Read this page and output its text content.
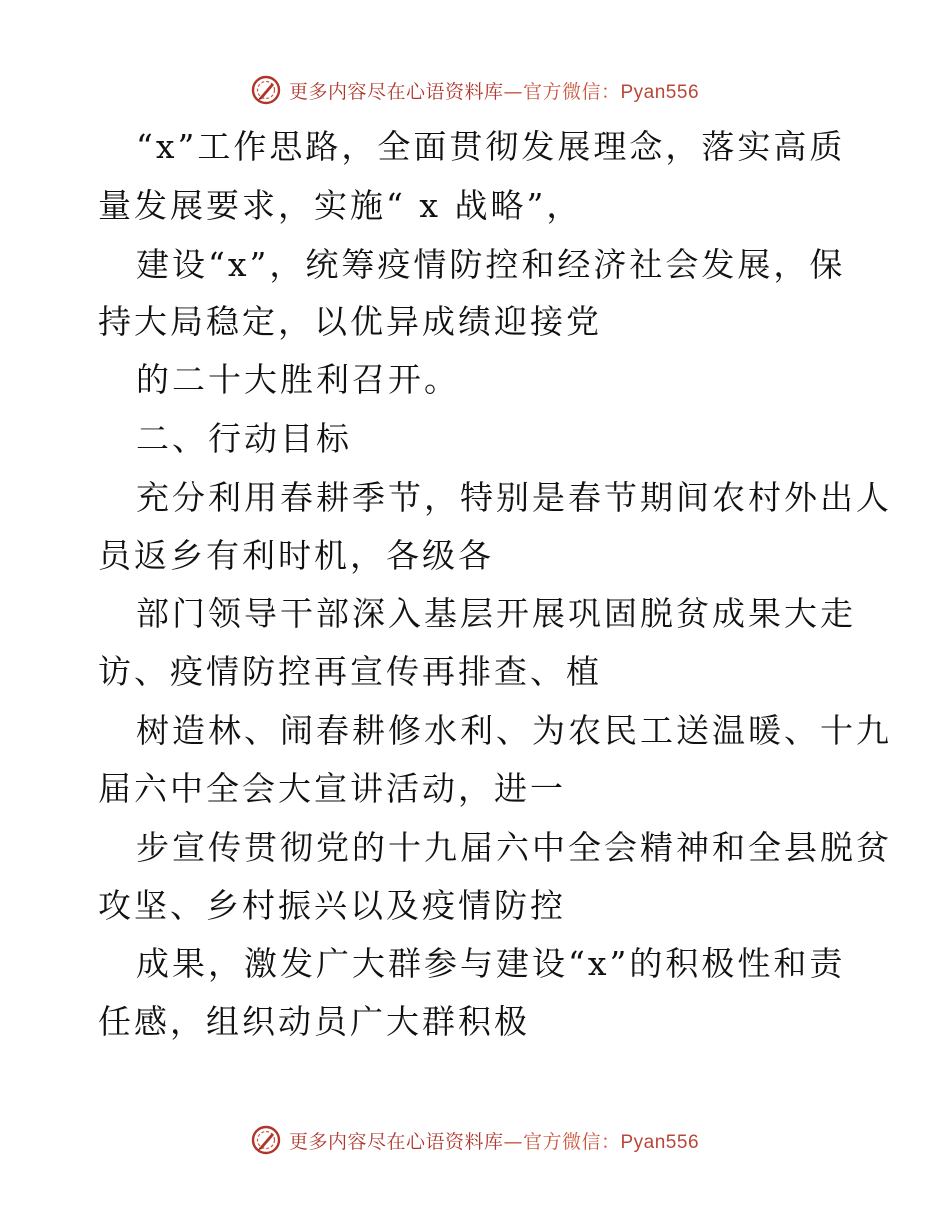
更多内容尽在心语资料库—官方微信：Pyan556
“x”工作思路，全面贯彻发展理念，落实高质
量发展要求，实施“ x 战略”，
建设“x”，统筹疫情防控和经济社会发展，保
持大局稳定，以优异成绩迎接党
的二十大胜利召开。
二、行动目标
充分利用春耕季节，特别是春节期间农村外出人
员返乡有利时机，各级各
部门领导干部深入基层开展巩固脱贫成果大走
访、疫情防控再宣传再排查、植
树造林、闹春耕修水利、为农民工送温暖、十九
届六中全会大宣讲活动，进一
步宣传贯彻党的十九届六中全会精神和全县脱贫
攻坚、乡村振兴以及疫情防控
成果，激发广大群参与建设“x”的积极性和责
任感，组织动员广大群积极
更多内容尽在心语资料库—官方微信：Pyan556
